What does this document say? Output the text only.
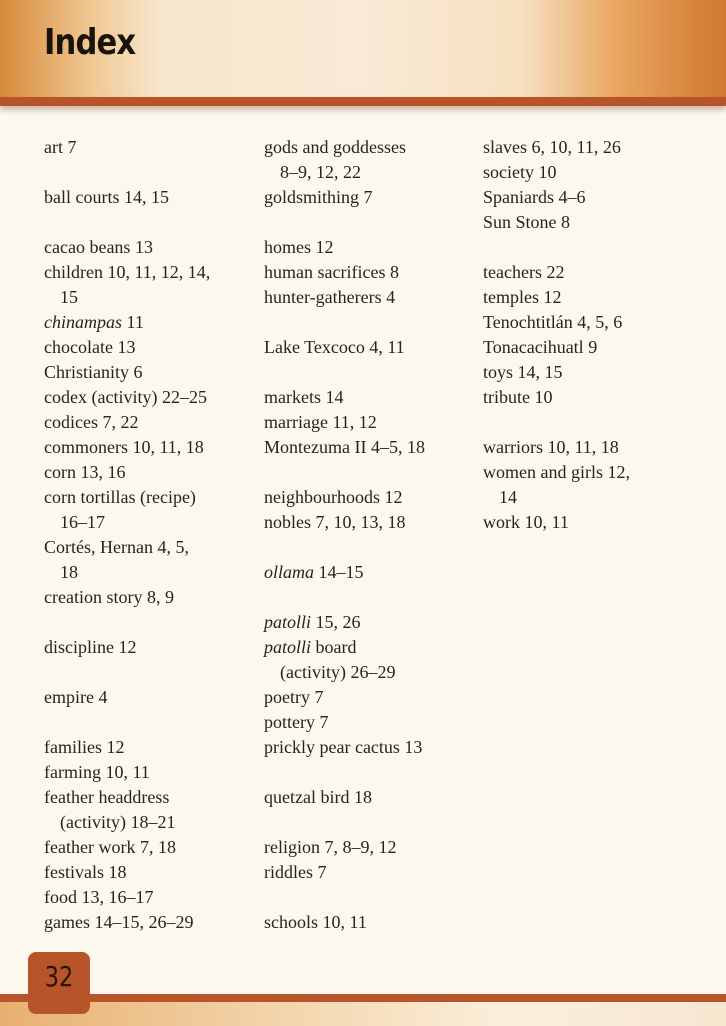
Index
art 7
ball courts 14, 15
cacao beans 13
children 10, 11, 12, 14,
15
chinampas 11
chocolate 13
Christianity 6
codex (activity) 22–25
codices 7, 22
commoners 10, 11, 18
corn 13, 16
corn tortillas (recipe)
16–17
Cortés, Hernan 4, 5,
18
creation story 8, 9
discipline 12
empire 4
families 12
farming 10, 11
feather headdress
(activity) 18–21
feather work 7, 18
festivals 18
food 13, 16–17
games 14–15, 26–29
gods and goddesses
8–9, 12, 22
goldsmithing 7
homes 12
human sacrifices 8
hunter-gatherers 4
Lake Texcoco 4, 11
markets 14
marriage 11, 12
Montezuma II 4–5, 18
neighbourhoods 12
nobles 7, 10, 13, 18
ollama 14–15
patolli 15, 26
patolli board
(activity) 26–29
poetry 7
pottery 7
prickly pear cactus 13
quetzal bird 18
religion 7, 8–9, 12
riddles 7
schools 10, 11
slaves 6, 10, 11, 26
society 10
Spaniards 4–6
Sun Stone 8
teachers 22
temples 12
Tenochtitlán 4, 5, 6
Tonacacihuatl 9
toys 14, 15
tribute 10
warriors 10, 11, 18
women and girls 12,
14
work 10, 11
32
